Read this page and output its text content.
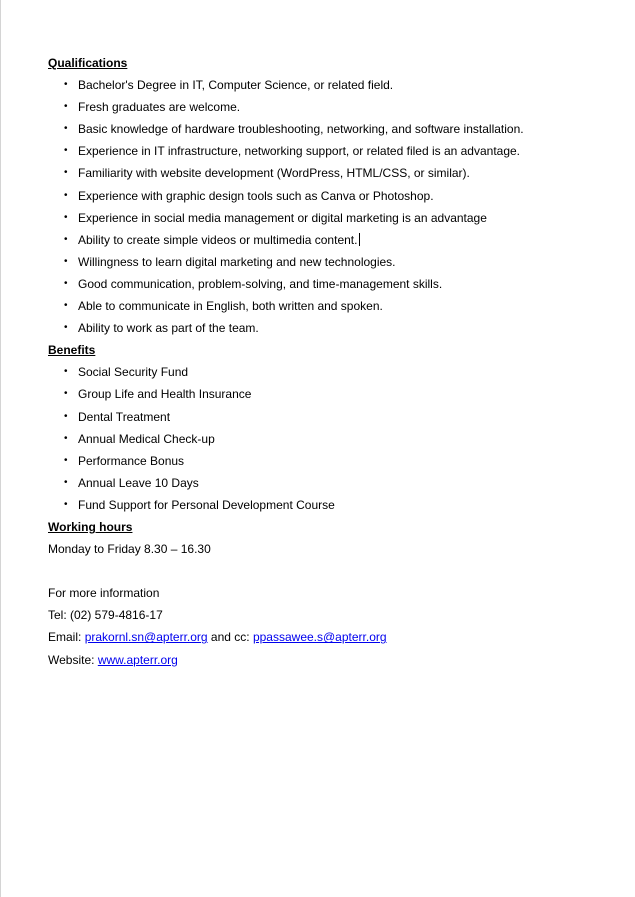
Qualifications
• Bachelor's Degree in IT, Computer Science, or related field.
• Fresh graduates are welcome.
• Basic knowledge of hardware troubleshooting, networking, and software installation.
• Experience in IT infrastructure, networking support, or related filed is an advantage.
• Familiarity with website development (WordPress, HTML/CSS, or similar).
• Experience with graphic design tools such as Canva or Photoshop.
• Experience in social media management or digital marketing is an advantage
• Ability to create simple videos or multimedia content.
• Willingness to learn digital marketing and new technologies.
• Good communication, problem-solving, and time-management skills.
• Able to communicate in English, both written and spoken.
• Ability to work as part of the team.
Benefits
• Social Security Fund
• Group Life and Health Insurance
• Dental Treatment
• Annual Medical Check-up
• Performance Bonus
• Annual Leave 10 Days
• Fund Support for Personal Development Course
Working hours
Monday to Friday 8.30 – 16.30
For more information
Tel: (02) 579-4816-17
Email: prakornl.sn@apterr.org and cc: ppassawee.s@apterr.org
Website: www.apterr.org
